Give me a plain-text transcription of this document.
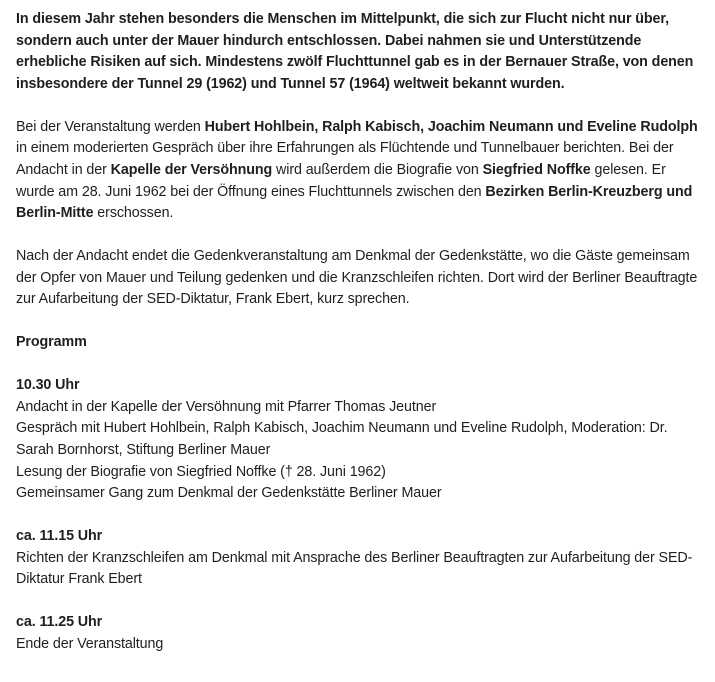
In diesem Jahr stehen besonders die Menschen im Mittelpunkt, die sich zur Flucht nicht nur über, sondern auch unter der Mauer hindurch entschlossen. Dabei nahmen sie und Unterstützende erhebliche Risiken auf sich. Mindestens zwölf Fluchttunnel gab es in der Bernauer Straße, von denen insbesondere der Tunnel 29 (1962) und Tunnel 57 (1964) weltweit bekannt wurden.

Bei der Veranstaltung werden Hubert Hohlbein, Ralph Kabisch, Joachim Neumann und Eveline Rudolph in einem moderierten Gespräch über ihre Erfahrungen als Flüchtende und Tunnelbauer berichten. Bei der Andacht in der Kapelle der Versöhnung wird außerdem die Biografie von Siegfried Noffke gelesen. Er wurde am 28. Juni 1962 bei der Öffnung eines Fluchttunnels zwischen den Bezirken Berlin-Kreuzberg und Berlin-Mitte erschossen.

Nach der Andacht endet die Gedenkveranstaltung am Denkmal der Gedenkstätte, wo die Gäste gemeinsam der Opfer von Mauer und Teilung gedenken und die Kranzschleifen richten. Dort wird der Berliner Beauftragte zur Aufarbeitung der SED-Diktatur, Frank Ebert, kurz sprechen.

Programm

10.30 Uhr
Andacht in der Kapelle der Versöhnung mit Pfarrer Thomas Jeutner
Gespräch mit Hubert Hohlbein, Ralph Kabisch, Joachim Neumann und Eveline Rudolph, Moderation: Dr. Sarah Bornhorst, Stiftung Berliner Mauer
Lesung der Biografie von Siegfried Noffke († 28. Juni 1962)
Gemeinsamer Gang zum Denkmal der Gedenkstätte Berliner Mauer
ca. 11.15 Uhr
Richten der Kranzschleifen am Denkmal mit Ansprache des Berliner Beauftragten zur Aufarbeitung der SED-Diktatur Frank Ebert
ca. 11.25 Uhr
Ende der Veranstaltung
